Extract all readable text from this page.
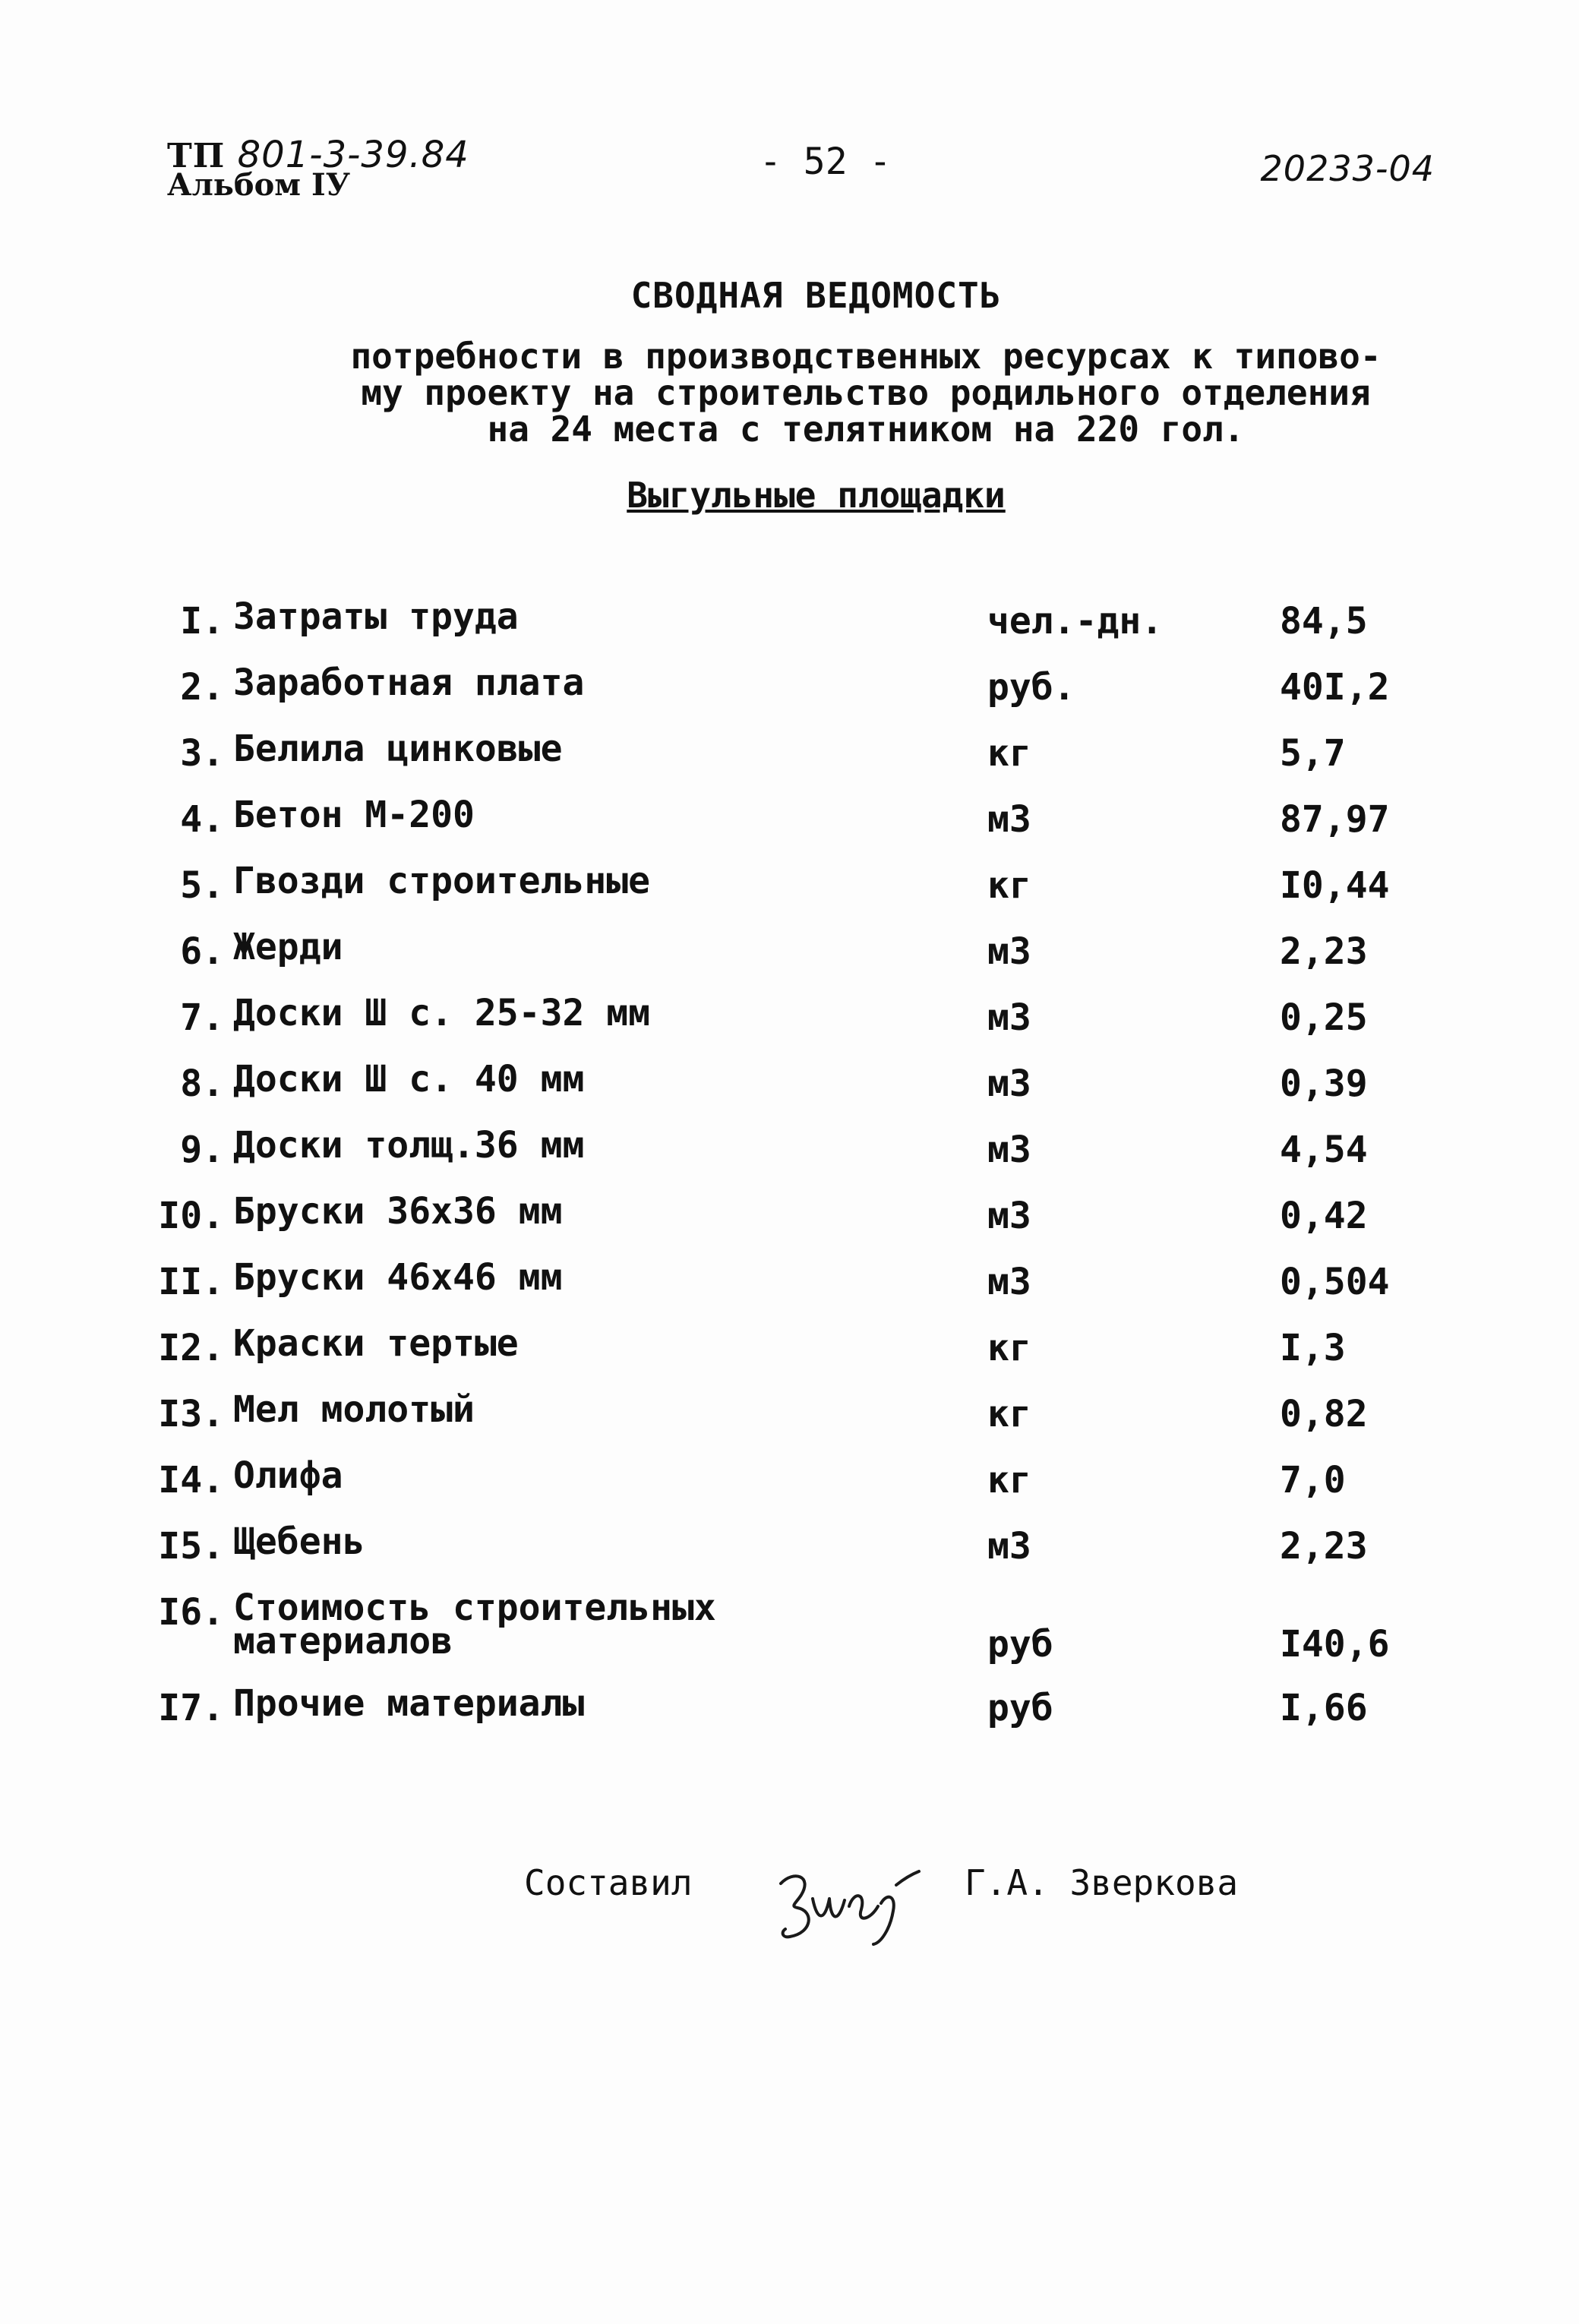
ТП 801-3-39.84
Альбом IУ
- 52 -	20233-04
СВОДНАЯ ВЕДОМОСТЬ
потребности в производственных ресурсах к типово-
му проекту на строительство родильного отделения
на 24 места с телятником на 220 гол.
Выгульные площадки
I. Затраты труда	чел.-дн.	84,5
2. Заработная плата	руб.	40I,2
3. Белила цинковые	кг	5,7
4. Бетон М-200	м3	87,97
5. Гвозди строительные	кг	I0,44
6. Жерди	м3	2,23
7. Доски Ш с. 25-32 мм	м3	0,25
8. Доски Ш с. 40 мм	м3	0,39
9. Доски толщ.36 мм	м3	4,54
I0. Бруски 36х36 мм	м3	0,42
II. Бруски 46х46 мм	м3	0,504
I2. Краски тертые	кг	I,3
I3. Мел молотый	кг	0,82
I4. Олифа	кг	7,0
I5. Щебень	м3	2,23
I6. Стоимость строительных
материалов	руб	I40,6
I7. Прочие материалы	руб	I,66
Составил	Г.А. Зверкова
